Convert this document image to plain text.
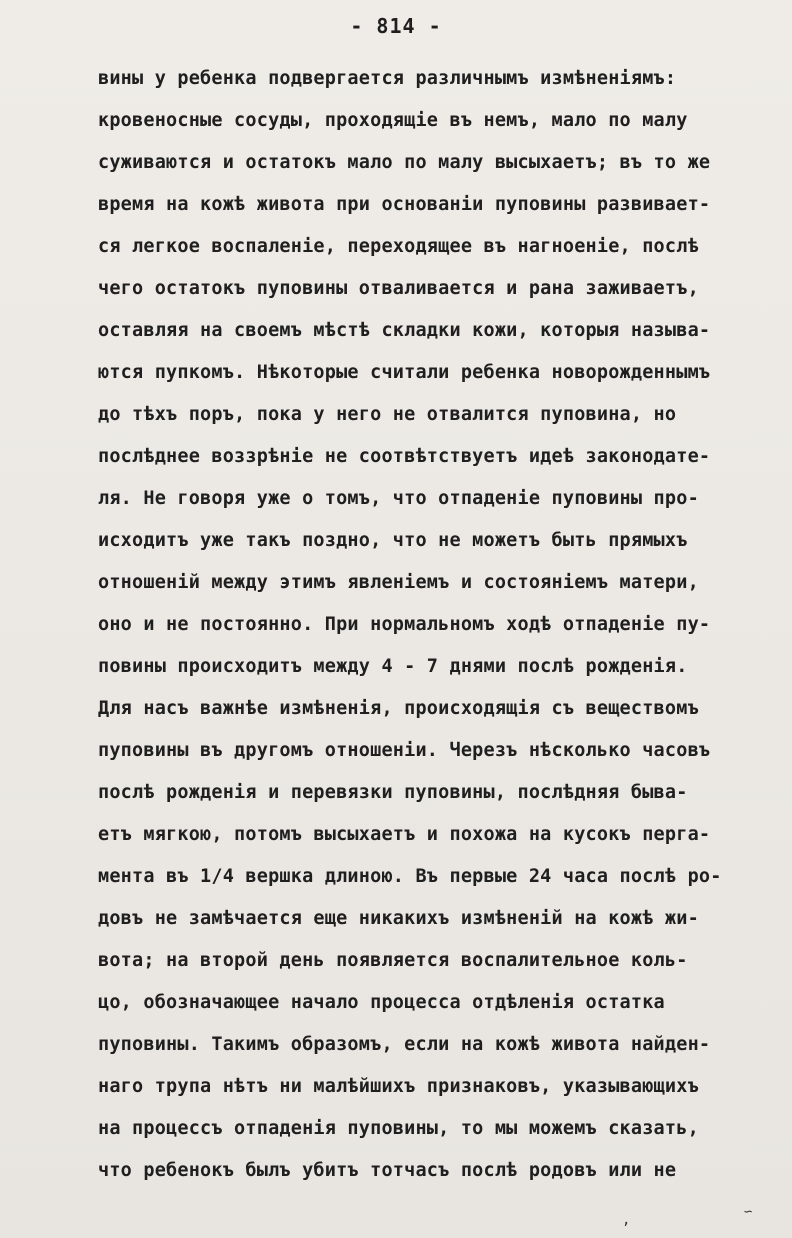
- 814 -
вины у ребенка подвергается различнымъ измѣненiямъ:
кровеносные сосуды, проходящiе въ немъ, мало по малу
суживаются и остатокъ мало по малу высыхаетъ; въ то же
время на кожѣ живота при основанiи пуповины развивает-
ся легкое воспаленiе, переходящее въ нагноенiе, послѣ
чего остатокъ пуповины отваливается и рана заживаетъ,
оставляя на своемъ мѣстѣ складки кожи, которыя называ-
ются пупкомъ. Нѣкоторые считали ребенка новорожденнымъ
до тѣхъ поръ, пока у него не отвалится пуповина, но
послѣднее воззрѣнiе не соотвѣтствуетъ идеѣ законодате-
ля. Не говоря уже о томъ, что отпаденiе пуповины про-
исходитъ уже такъ поздно, что не можетъ быть прямыхъ
отношенiй между этимъ явленiемъ и состоянiемъ матери,
оно и не постоянно. При нормальномъ ходѣ отпаденiе пу-
повины происходитъ между 4 - 7 днями послѣ рожденiя.
Для насъ важнѣе измѣненiя, происходящiя съ веществомъ
пуповины въ другомъ отношенiи. Черезъ нѣсколько часовъ
послѣ рожденiя и перевязки пуповины, послѣдняя быва-
етъ мягкою, потомъ высыхаетъ и похожа на кусокъ перга-
мента въ 1/4 вершка длиною. Въ первые 24 часа послѣ ро-
довъ не замѣчается еще никакихъ измѣненiй на кожѣ жи-
вота; на второй день появляется воспалительное коль-
цо, обозначающее начало процесса отдѣленiя остатка
пуповины. Такимъ образомъ, если на кожѣ живота найден-
наго трупа нѣтъ ни малѣйшихъ признаковъ, указывающихъ
на процессъ отпаденiя пуповины, то мы можемъ сказать,
что ребенокъ былъ убитъ тотчасъ послѣ родовъ или не
∽
,
